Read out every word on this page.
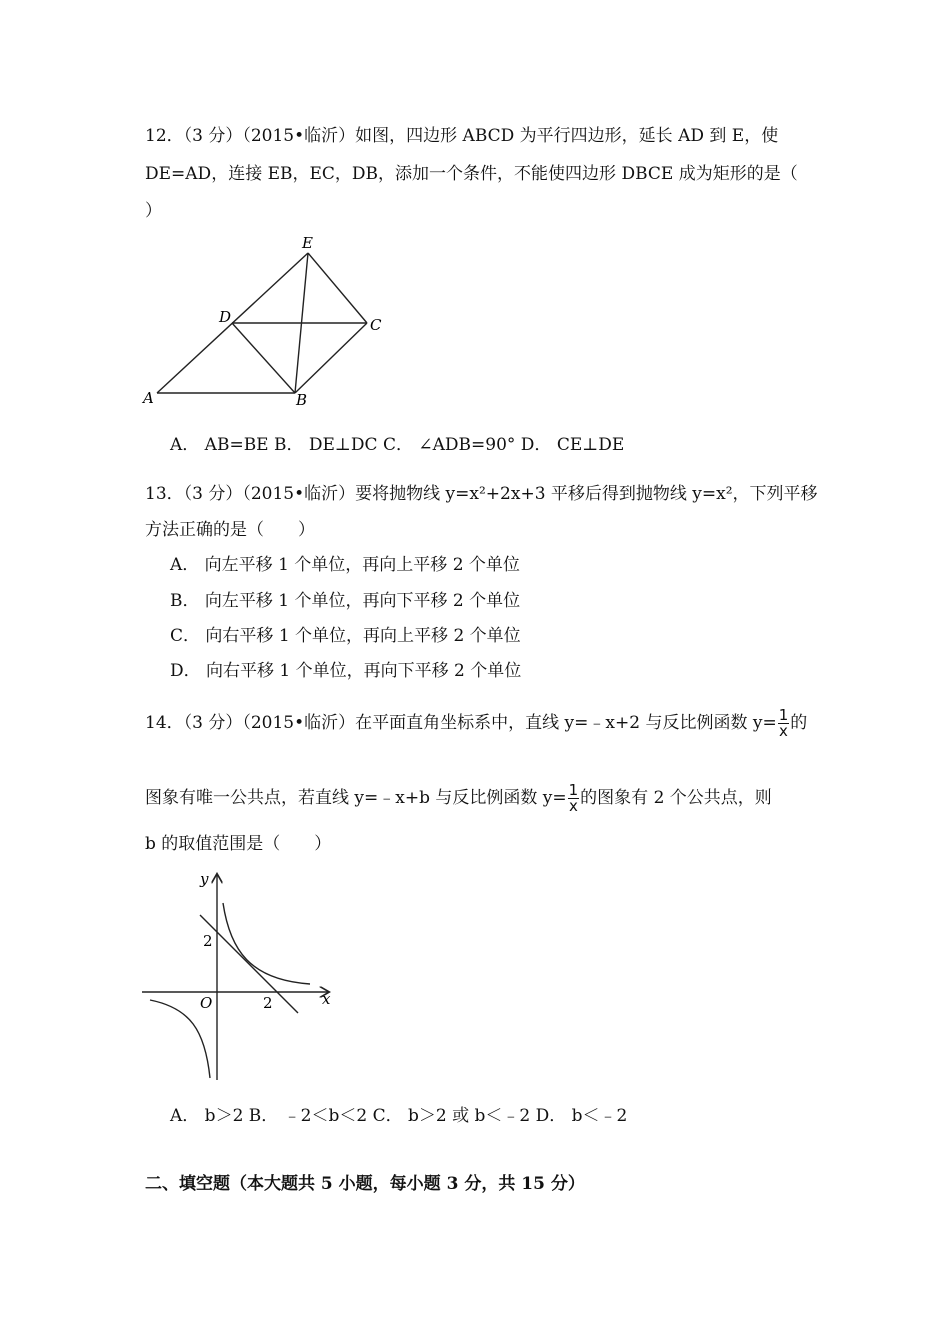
12．（3 分）（2015•临沂）如图，四边形 ABCD 为平行四边形，延长 AD 到 E，使
DE=AD，连接 EB，EC，DB，添加一个条件，不能使四边形 DBCE 成为矩形的是（
）
E
D	C
A	B
A． AB=BE B． DE⊥DC C． ∠ADB=90° D． CE⊥DE
13．（3 分）（2015•临沂）要将抛物线 y=x²+2x+3 平移后得到抛物线 y=x²，下列平移
方法正确的是（　　）
A． 向左平移 1 个单位，再向上平移 2 个单位
B． 向左平移 1 个单位，再向下平移 2 个单位
C． 向右平移 1 个单位，再向上平移 2 个单位
D． 向右平移 1 个单位，再向下平移 2 个单位
14．（3 分）（2015•临沂）在平面直角坐标系中，直线 y=﹣x+2 与反比例函数 $y= \frac{1}{x}$ 的
图象有唯一公共点，若直线 y=﹣x+b 与反比例函数 $y= \frac{1}{x}$ 的图象有 2 个公共点，则
b 的取值范围是（　　）
y
x
O
2
2
A． b＞2 B． ﹣2＜b＜2 C． b＞2 或 b＜﹣2 D． b＜﹣2
二、填空题（本大题共 5 小题，每小题 3 分，共 15 分）
